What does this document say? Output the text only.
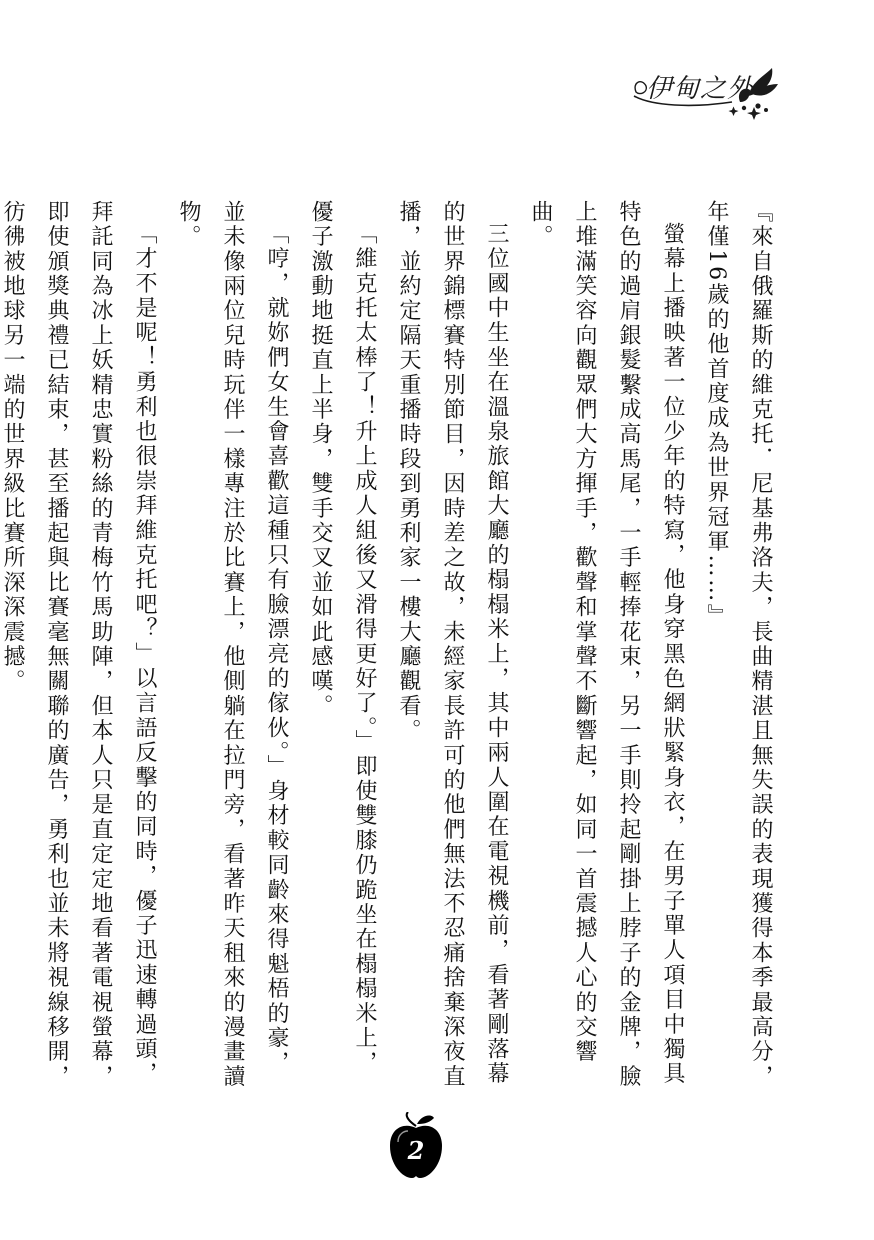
伊甸之外

『來自俄羅斯的維克托．尼基弗洛夫，長曲精湛且無失誤的表現獲得本季最高分，年僅16歲的他首度成為世界冠軍……』

螢幕上播映著一位少年的特寫，他身穿黑色網狀緊身衣，在男子單人項目中獨具特色的過肩銀髮繫成高馬尾，一手輕捧花束，另一手則拎起剛掛上脖子的金牌，臉上堆滿笑容向觀眾們大方揮手，歡聲和掌聲不斷響起，如同一首震撼人心的交響曲。

三位國中生坐在溫泉旅館大廳的榻榻米上，其中兩人圍在電視機前，看著剛落幕的世界錦標賽特別節目，因時差之故，未經家長許可的他們無法不忍痛捨棄深夜直播，並約定隔天重播時段到勇利家一樓大廳觀看。

「維克托太棒了！升上成人組後又滑得更好了。」即使雙膝仍跪坐在榻榻米上，優子激動地挺直上半身，雙手交叉並如此感嘆。

「哼，就妳們女生會喜歡這種只有臉漂亮的傢伙。」身材較同齡來得魁梧的豪，並未像兩位兒時玩伴一樣專注於比賽上，他側躺在拉門旁，看著昨天租來的漫畫讀物。

「才不是呢！勇利也很崇拜維克托吧？」以言語反擊的同時，優子迅速轉過頭，拜託同為冰上妖精忠實粉絲的青梅竹馬助陣，但本人只是直定定地看著電視螢幕，即使頒獎典禮已結束，甚至播起與比賽毫無關聯的廣告，勇利也並未將視線移開，彷彿被地球另一端的世界級比賽所深深震撼。

2
